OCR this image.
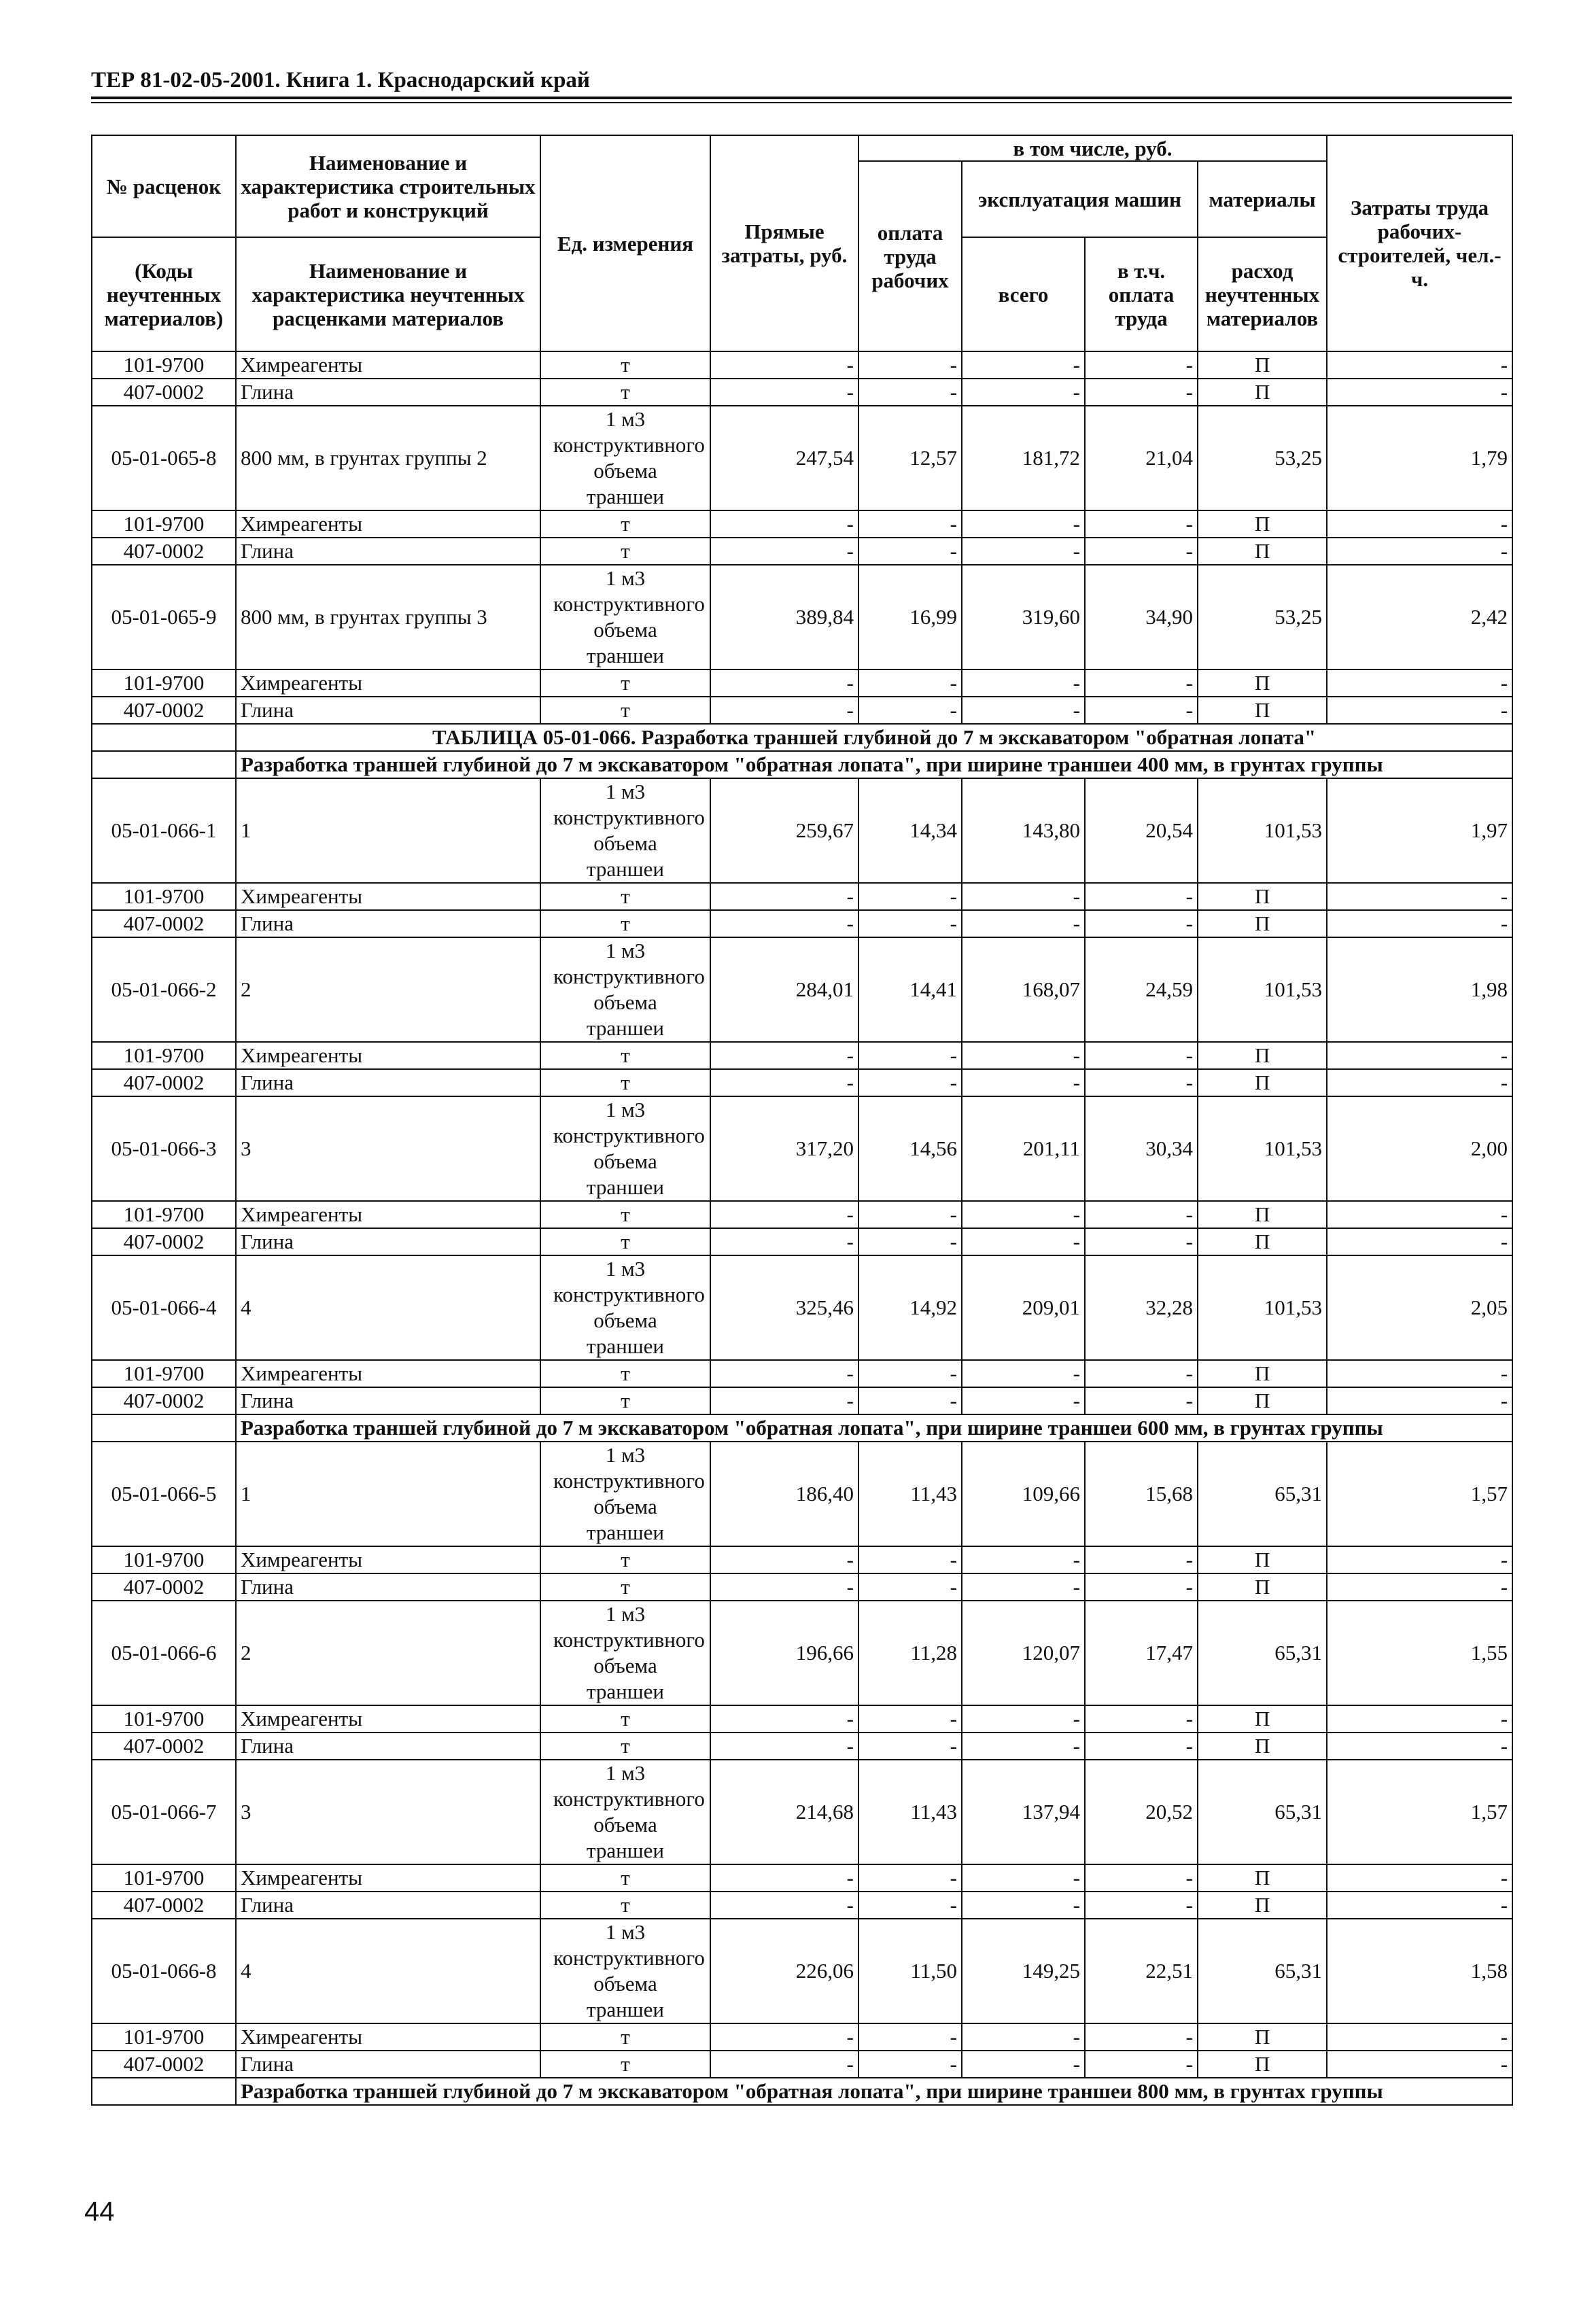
ТЕР 81-02-05-2001. Книга 1. Краснодарский край
№ расценок	Наименование и характеристика строительных работ и конструкций	Ед. измерения	Прямые затраты, руб.	в том числе, руб.				Затраты труда рабочих-строителей, чел.-ч.
				оплата труда рабочих	эксплуатация машин		материалы	
(Коды неучтенных материалов)	Наименование и характеристика неучтенных расценками материалов				всего	в т.ч. оплата труда	расход неучтенных материалов	

101-9700	Химреагенты	т	-	-	-	-	П	-
407-0002	Глина	т	-	-	-	-	П	-
05-01-065-8	800 мм, в грунтах группы 2	1 м3 конструктивного объема траншеи	247,54	12,57	181,72	21,04	53,25	1,79
101-9700	Химреагенты	т	-	-	-	-	П	-
407-0002	Глина	т	-	-	-	-	П	-
05-01-065-9	800 мм, в грунтах группы 3	1 м3 конструктивного объема траншеи	389,84	16,99	319,60	34,90	53,25	2,42
101-9700	Химреагенты	т	-	-	-	-	П	-
407-0002	Глина	т	-	-	-	-	П	-
	ТАБЛИЦА 05-01-066. Разработка траншей глубиной до 7 м экскаватором "обратная лопата"							
	Разработка траншей глубиной до 7 м экскаватором "обратная лопата", при ширине траншеи 400 мм, в грунтах группы							
05-01-066-1	1	1 м3 конструктивного объема траншеи	259,67	14,34	143,80	20,54	101,53	1,97
101-9700	Химреагенты	т	-	-	-	-	П	-
407-0002	Глина	т	-	-	-	-	П	-
05-01-066-2	2	1 м3 конструктивного объема траншеи	284,01	14,41	168,07	24,59	101,53	1,98
101-9700	Химреагенты	т	-	-	-	-	П	-
407-0002	Глина	т	-	-	-	-	П	-
05-01-066-3	3	1 м3 конструктивного объема траншеи	317,20	14,56	201,11	30,34	101,53	2,00
101-9700	Химреагенты	т	-	-	-	-	П	-
407-0002	Глина	т	-	-	-	-	П	-
05-01-066-4	4	1 м3 конструктивного объема траншеи	325,46	14,92	209,01	32,28	101,53	2,05
101-9700	Химреагенты	т	-	-	-	-	П	-
407-0002	Глина	т	-	-	-	-	П	-
	Разработка траншей глубиной до 7 м экскаватором "обратная лопата", при ширине траншеи 600 мм, в грунтах группы							
05-01-066-5	1	1 м3 конструктивного объема траншеи	186,40	11,43	109,66	15,68	65,31	1,57
101-9700	Химреагенты	т	-	-	-	-	П	-
407-0002	Глина	т	-	-	-	-	П	-
05-01-066-6	2	1 м3 конструктивного объема траншеи	196,66	11,28	120,07	17,47	65,31	1,55
101-9700	Химреагенты	т	-	-	-	-	П	-
407-0002	Глина	т	-	-	-	-	П	-
05-01-066-7	3	1 м3 конструктивного объема траншеи	214,68	11,43	137,94	20,52	65,31	1,57
101-9700	Химреагенты	т	-	-	-	-	П	-
407-0002	Глина	т	-	-	-	-	П	-
05-01-066-8	4	1 м3 конструктивного объема траншеи	226,06	11,50	149,25	22,51	65,31	1,58
101-9700	Химреагенты	т	-	-	-	-	П	-
407-0002	Глина	т	-	-	-	-	П	-
	Разработка траншей глубиной до 7 м экскаватором "обратная лопата", при ширине траншеи 800 мм, в грунтах группы							
44
